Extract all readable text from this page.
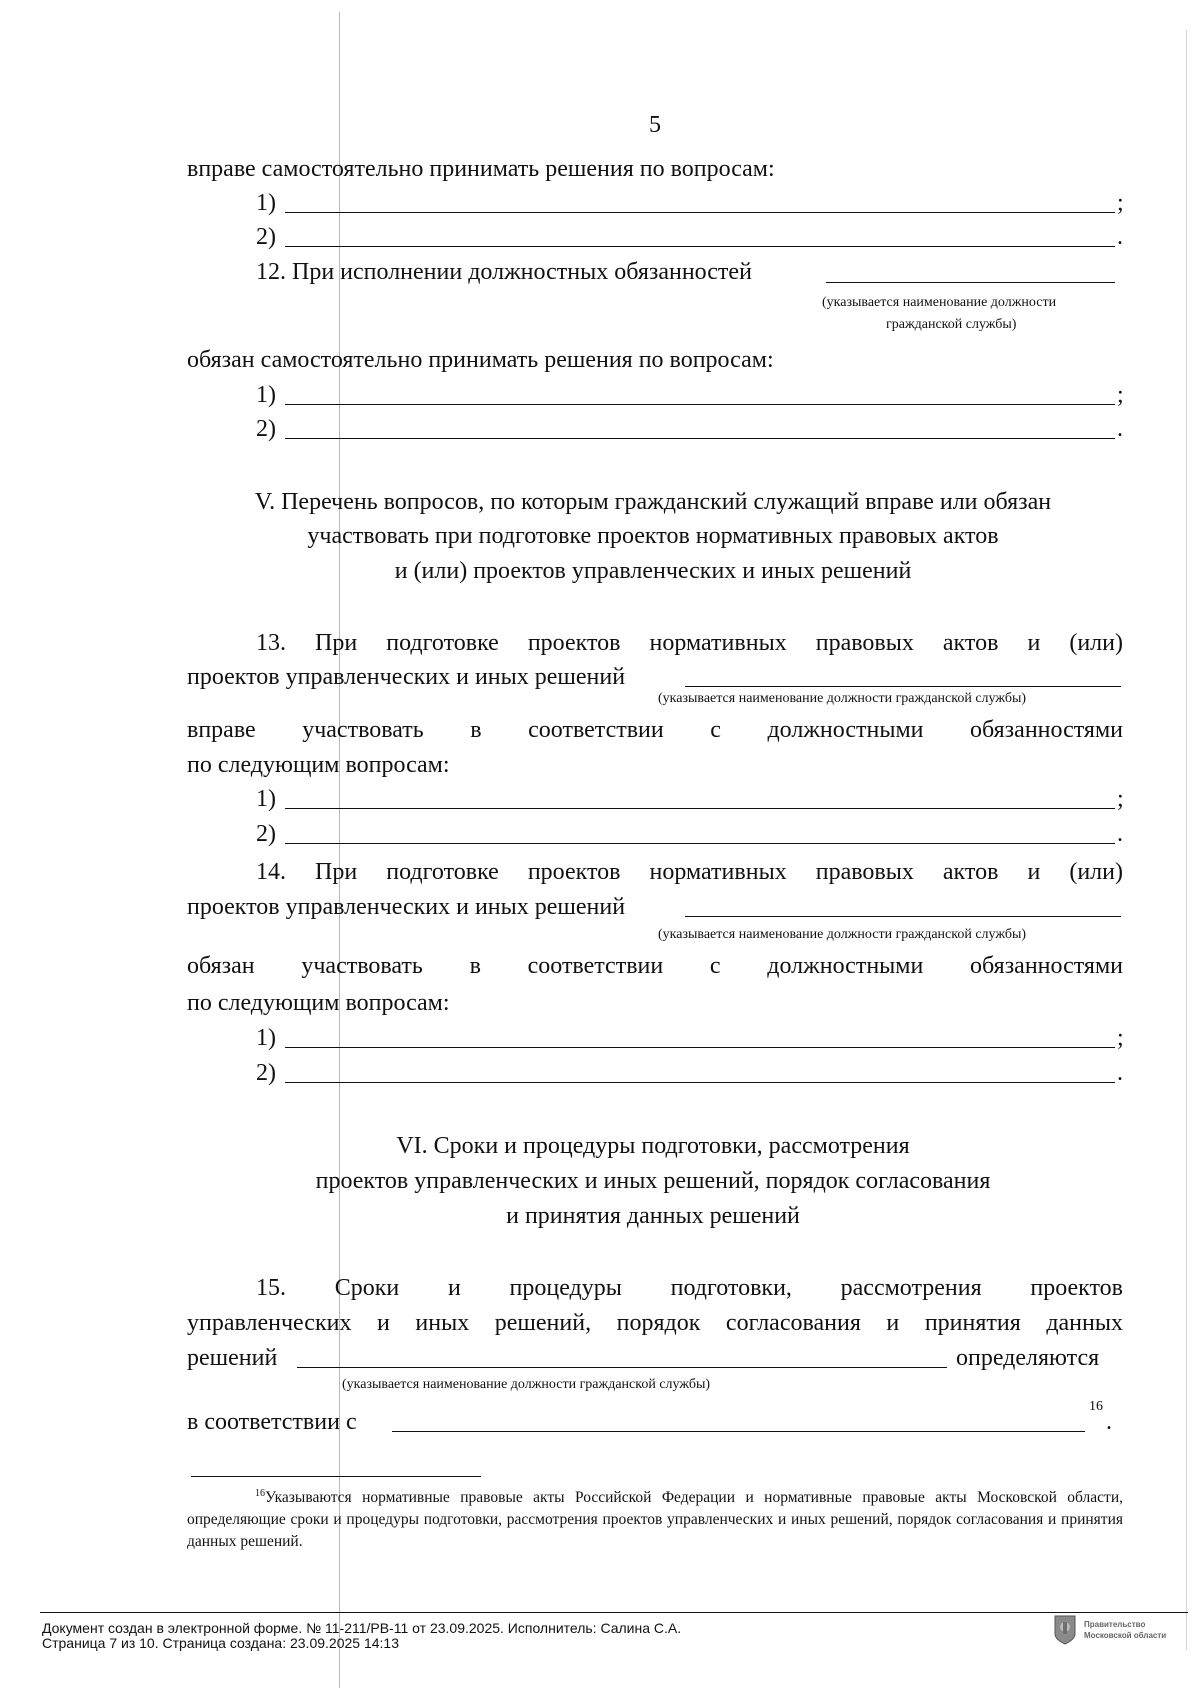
5
вправе самостоятельно принимать решения по вопросам:
1)	;
2)	.
12. При исполнении должностных обязанностей
(указывается наименование должности
гражданской службы)
обязан самостоятельно принимать решения по вопросам:
1)	;
2)	.
V. Перечень вопросов, по которым гражданский служащий вправе или обязан
участвовать при подготовке проектов нормативных правовых актов
и (или) проектов управленческих и иных решений
13. При подготовке проектов нормативных правовых актов и (или)
проектов управленческих и иных решений
(указывается наименование должности гражданской службы)
вправе участвовать в соответствии с должностными обязанностями
по следующим вопросам:
1)	;
2)	.
14. При подготовке проектов нормативных правовых актов и (или)
проектов управленческих и иных решений
(указывается наименование должности гражданской службы)
обязан участвовать в соответствии с должностными обязанностями
по следующим вопросам:
1)	;
2)	.
VI. Сроки и процедуры подготовки, рассмотрения
проектов управленческих и иных решений, порядок согласования
и принятия данных решений
15. Сроки и процедуры подготовки, рассмотрения проектов
управленческих и иных решений, порядок согласования и принятия данных
решений	определяются
(указывается наименование должности гражданской службы)
в соответствии с
16
.
$^{16}$Указываются нормативные правовые акты Российской Федерации и нормативные правовые акты Московской области, определяющие сроки и процедуры подготовки, рассмотрения проектов управленческих и иных решений, порядок согласования и принятия данных решений.
Документ создан в электронной форме. № 11-211/РВ-11 от 23.09.2025. Исполнитель: Салина С.А.
Страница 7 из 10. Страница создана: 23.09.2025 14:13
Правительство
Московской области
